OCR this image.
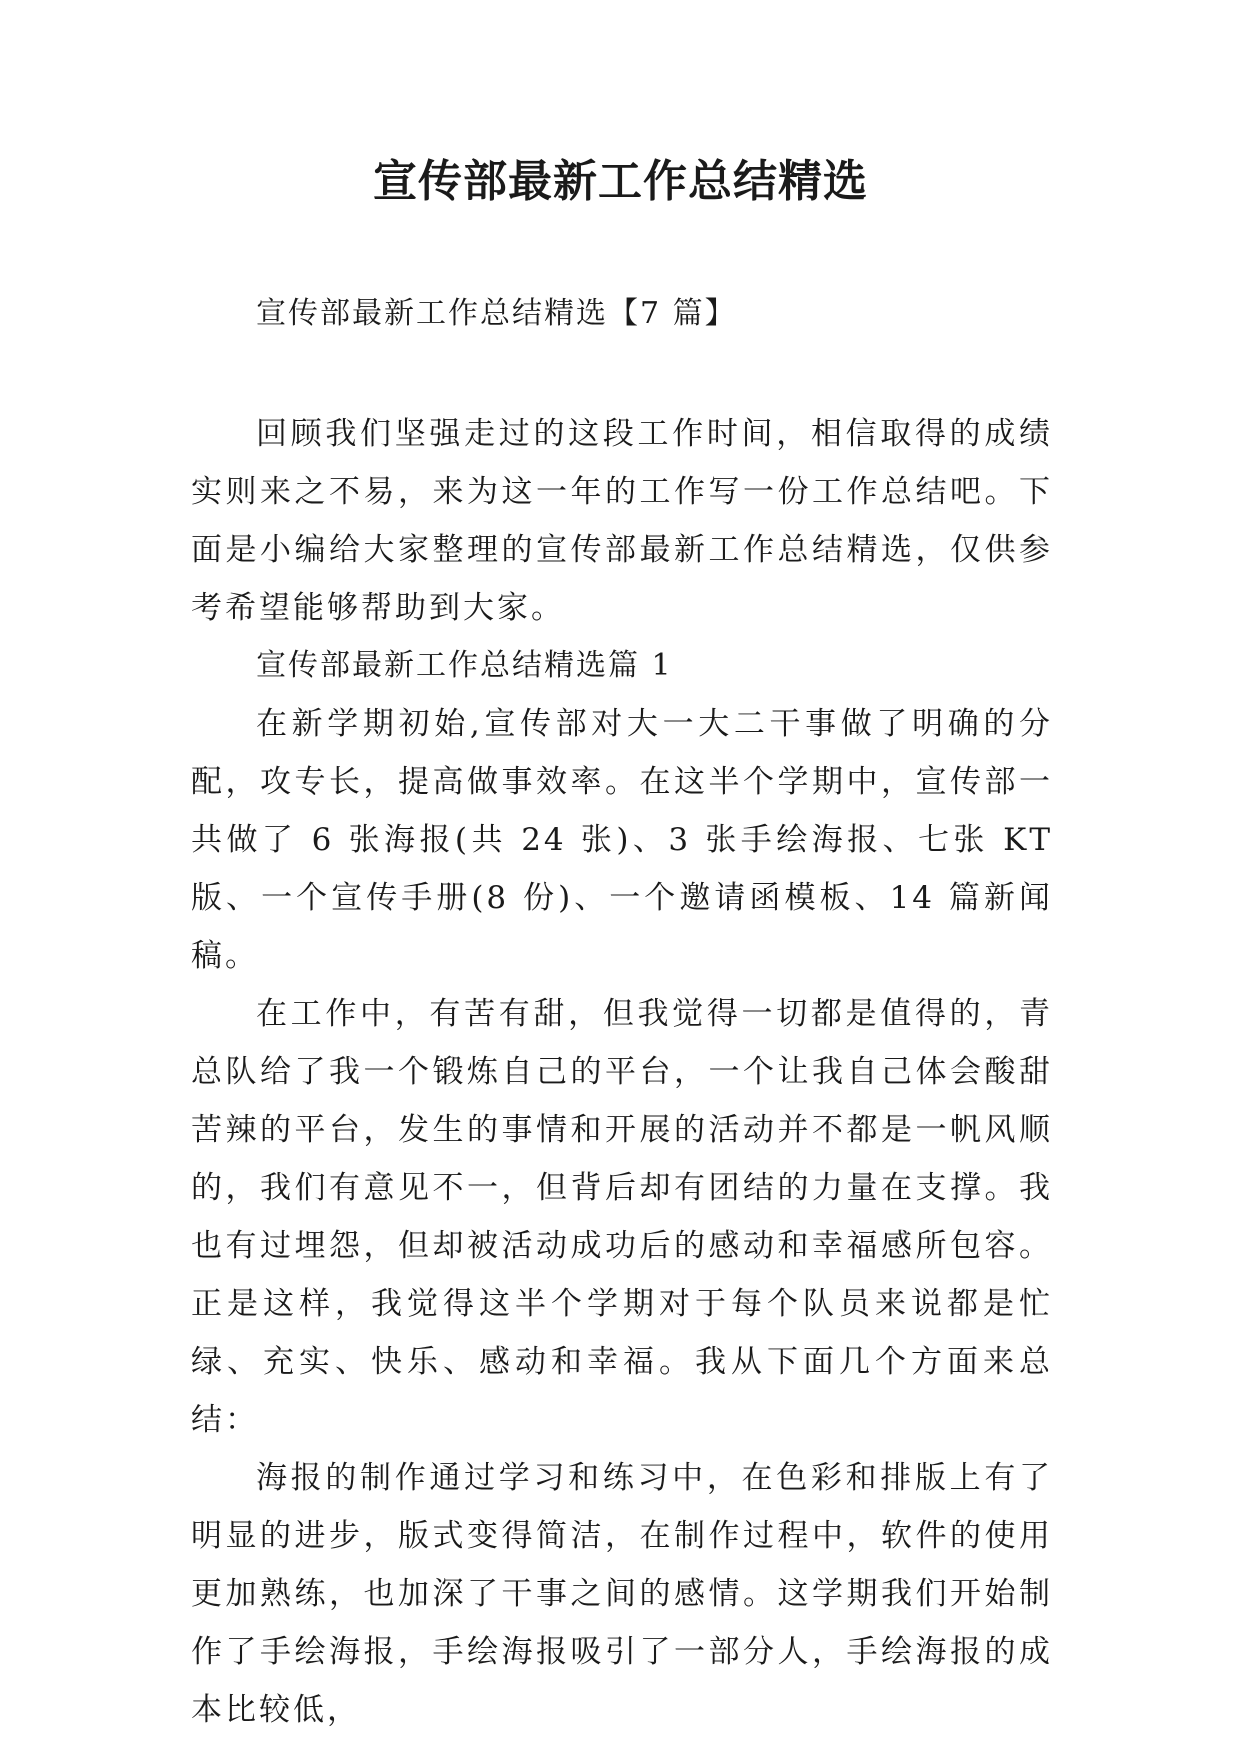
宣传部最新工作总结精选

宣传部最新工作总结精选【7 篇】

回顾我们坚强走过的这段工作时间，相信取得的成绩实则来之不易，来为这一年的工作写一份工作总结吧。下面是小编给大家整理的宣传部最新工作总结精选，仅供参考希望能够帮助到大家。

宣传部最新工作总结精选篇 1

在新学期初始,宣传部对大一大二干事做了明确的分配，攻专长，提高做事效率。在这半个学期中，宣传部一共做了 6 张海报(共 24 张)、3 张手绘海报、七张 KT 版、一个宣传手册(8 份)、一个邀请函模板、14 篇新闻稿。

在工作中，有苦有甜，但我觉得一切都是值得的，青总队给了我一个锻炼自己的平台，一个让我自己体会酸甜苦辣的平台，发生的事情和开展的活动并不都是一帆风顺的，我们有意见不一，但背后却有团结的力量在支撑。我也有过埋怨，但却被活动成功后的感动和幸福感所包容。正是这样，我觉得这半个学期对于每个队员来说都是忙绿、充实、快乐、感动和幸福。我从下面几个方面来总结：

海报的制作通过学习和练习中，在色彩和排版上有了明显的进步，版式变得简洁，在制作过程中，软件的使用更加熟练，也加深了干事之间的感情。这学期我们开始制作了手绘海报，手绘海报吸引了一部分人，手绘海报的成本比较低，
